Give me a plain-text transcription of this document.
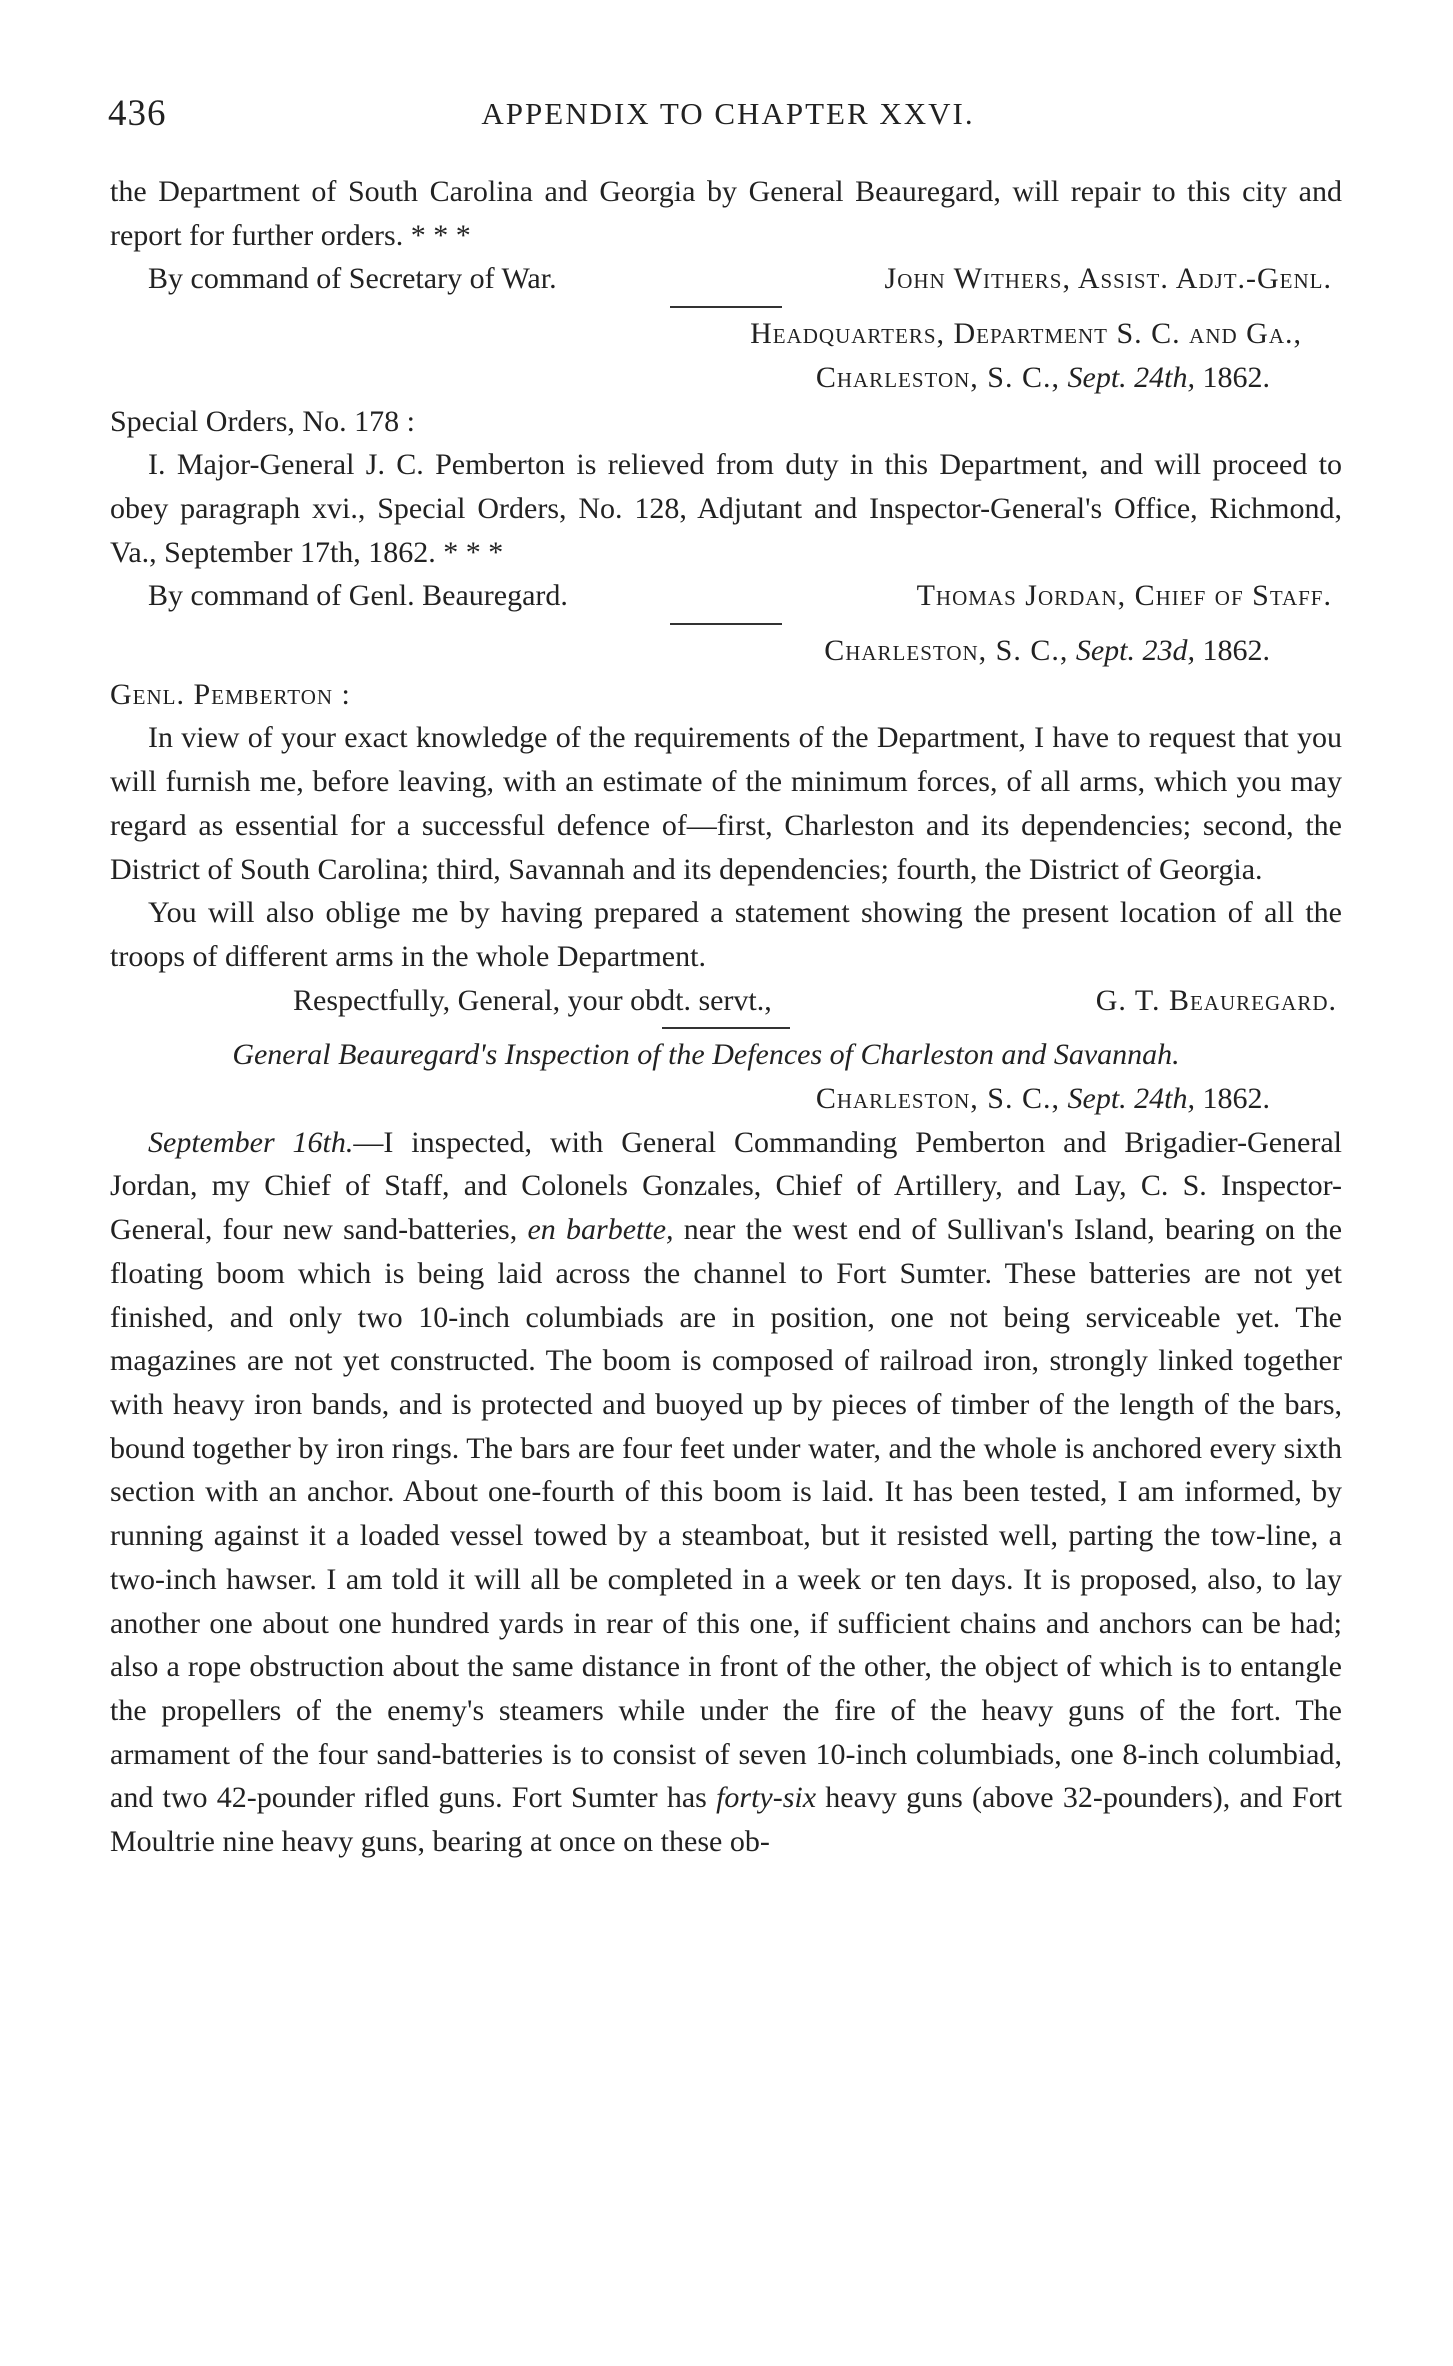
436	APPENDIX TO CHAPTER XXVI.

the Department of South Carolina and Georgia by General Beauregard, will repair to this city and report for further orders. * * *

By command of Secretary of War.	John Withers, Assist. Adjt.-Genl.
Headquarters, Department S. C. and Ga.,
Charleston, S. C., Sept. 24th, 1862.
Special Orders, No. 178 :

I. Major-General J. C. Pemberton is relieved from duty in this Department, and will proceed to obey paragraph xvi., Special Orders, No. 128, Adjutant and Inspector-General's Office, Richmond, Va., September 17th, 1862. * * *

By command of Genl. Beauregard.	Thomas Jordan, Chief of Staff.
Charleston, S. C., Sept. 23d, 1862.
Genl. Pemberton :

In view of your exact knowledge of the requirements of the Department, I have to request that you will furnish me, before leaving, with an estimate of the minimum forces, of all arms, which you may regard as essential for a successful defence of—first, Charleston and its dependencies; second, the District of South Carolina; third, Savannah and its dependencies; fourth, the District of Georgia.

You will also oblige me by having prepared a statement showing the present location of all the troops of different arms in the whole Department.

Respectfully, General, your obdt. servt.,	G. T. Beauregard.
General Beauregard's Inspection of the Defences of Charleston and Savannah.
Charleston, S. C., Sept. 24th, 1862.

September 16th.—I inspected, with General Commanding Pemberton and Brigadier-General Jordan, my Chief of Staff, and Colonels Gonzales, Chief of Artillery, and Lay, C. S. Inspector-General, four new sand-batteries, en barbette, near the west end of Sullivan's Island, bearing on the floating boom which is being laid across the channel to Fort Sumter. These batteries are not yet finished, and only two 10-inch columbiads are in position, one not being serviceable yet. The magazines are not yet constructed. The boom is composed of railroad iron, strongly linked together with heavy iron bands, and is protected and buoyed up by pieces of timber of the length of the bars, bound together by iron rings. The bars are four feet under water, and the whole is anchored every sixth section with an anchor. About one-fourth of this boom is laid. It has been tested, I am informed, by running against it a loaded vessel towed by a steamboat, but it resisted well, parting the tow-line, a two-inch hawser. I am told it will all be completed in a week or ten days. It is proposed, also, to lay another one about one hundred yards in rear of this one, if sufficient chains and anchors can be had; also a rope obstruction about the same distance in front of the other, the object of which is to entangle the propellers of the enemy's steamers while under the fire of the heavy guns of the fort. The armament of the four sand-batteries is to consist of seven 10-inch columbiads, one 8-inch columbiad, and two 42-pounder rifled guns. Fort Sumter has forty-six heavy guns (above 32-pounders), and Fort Moultrie nine heavy guns, bearing at once on these ob-
